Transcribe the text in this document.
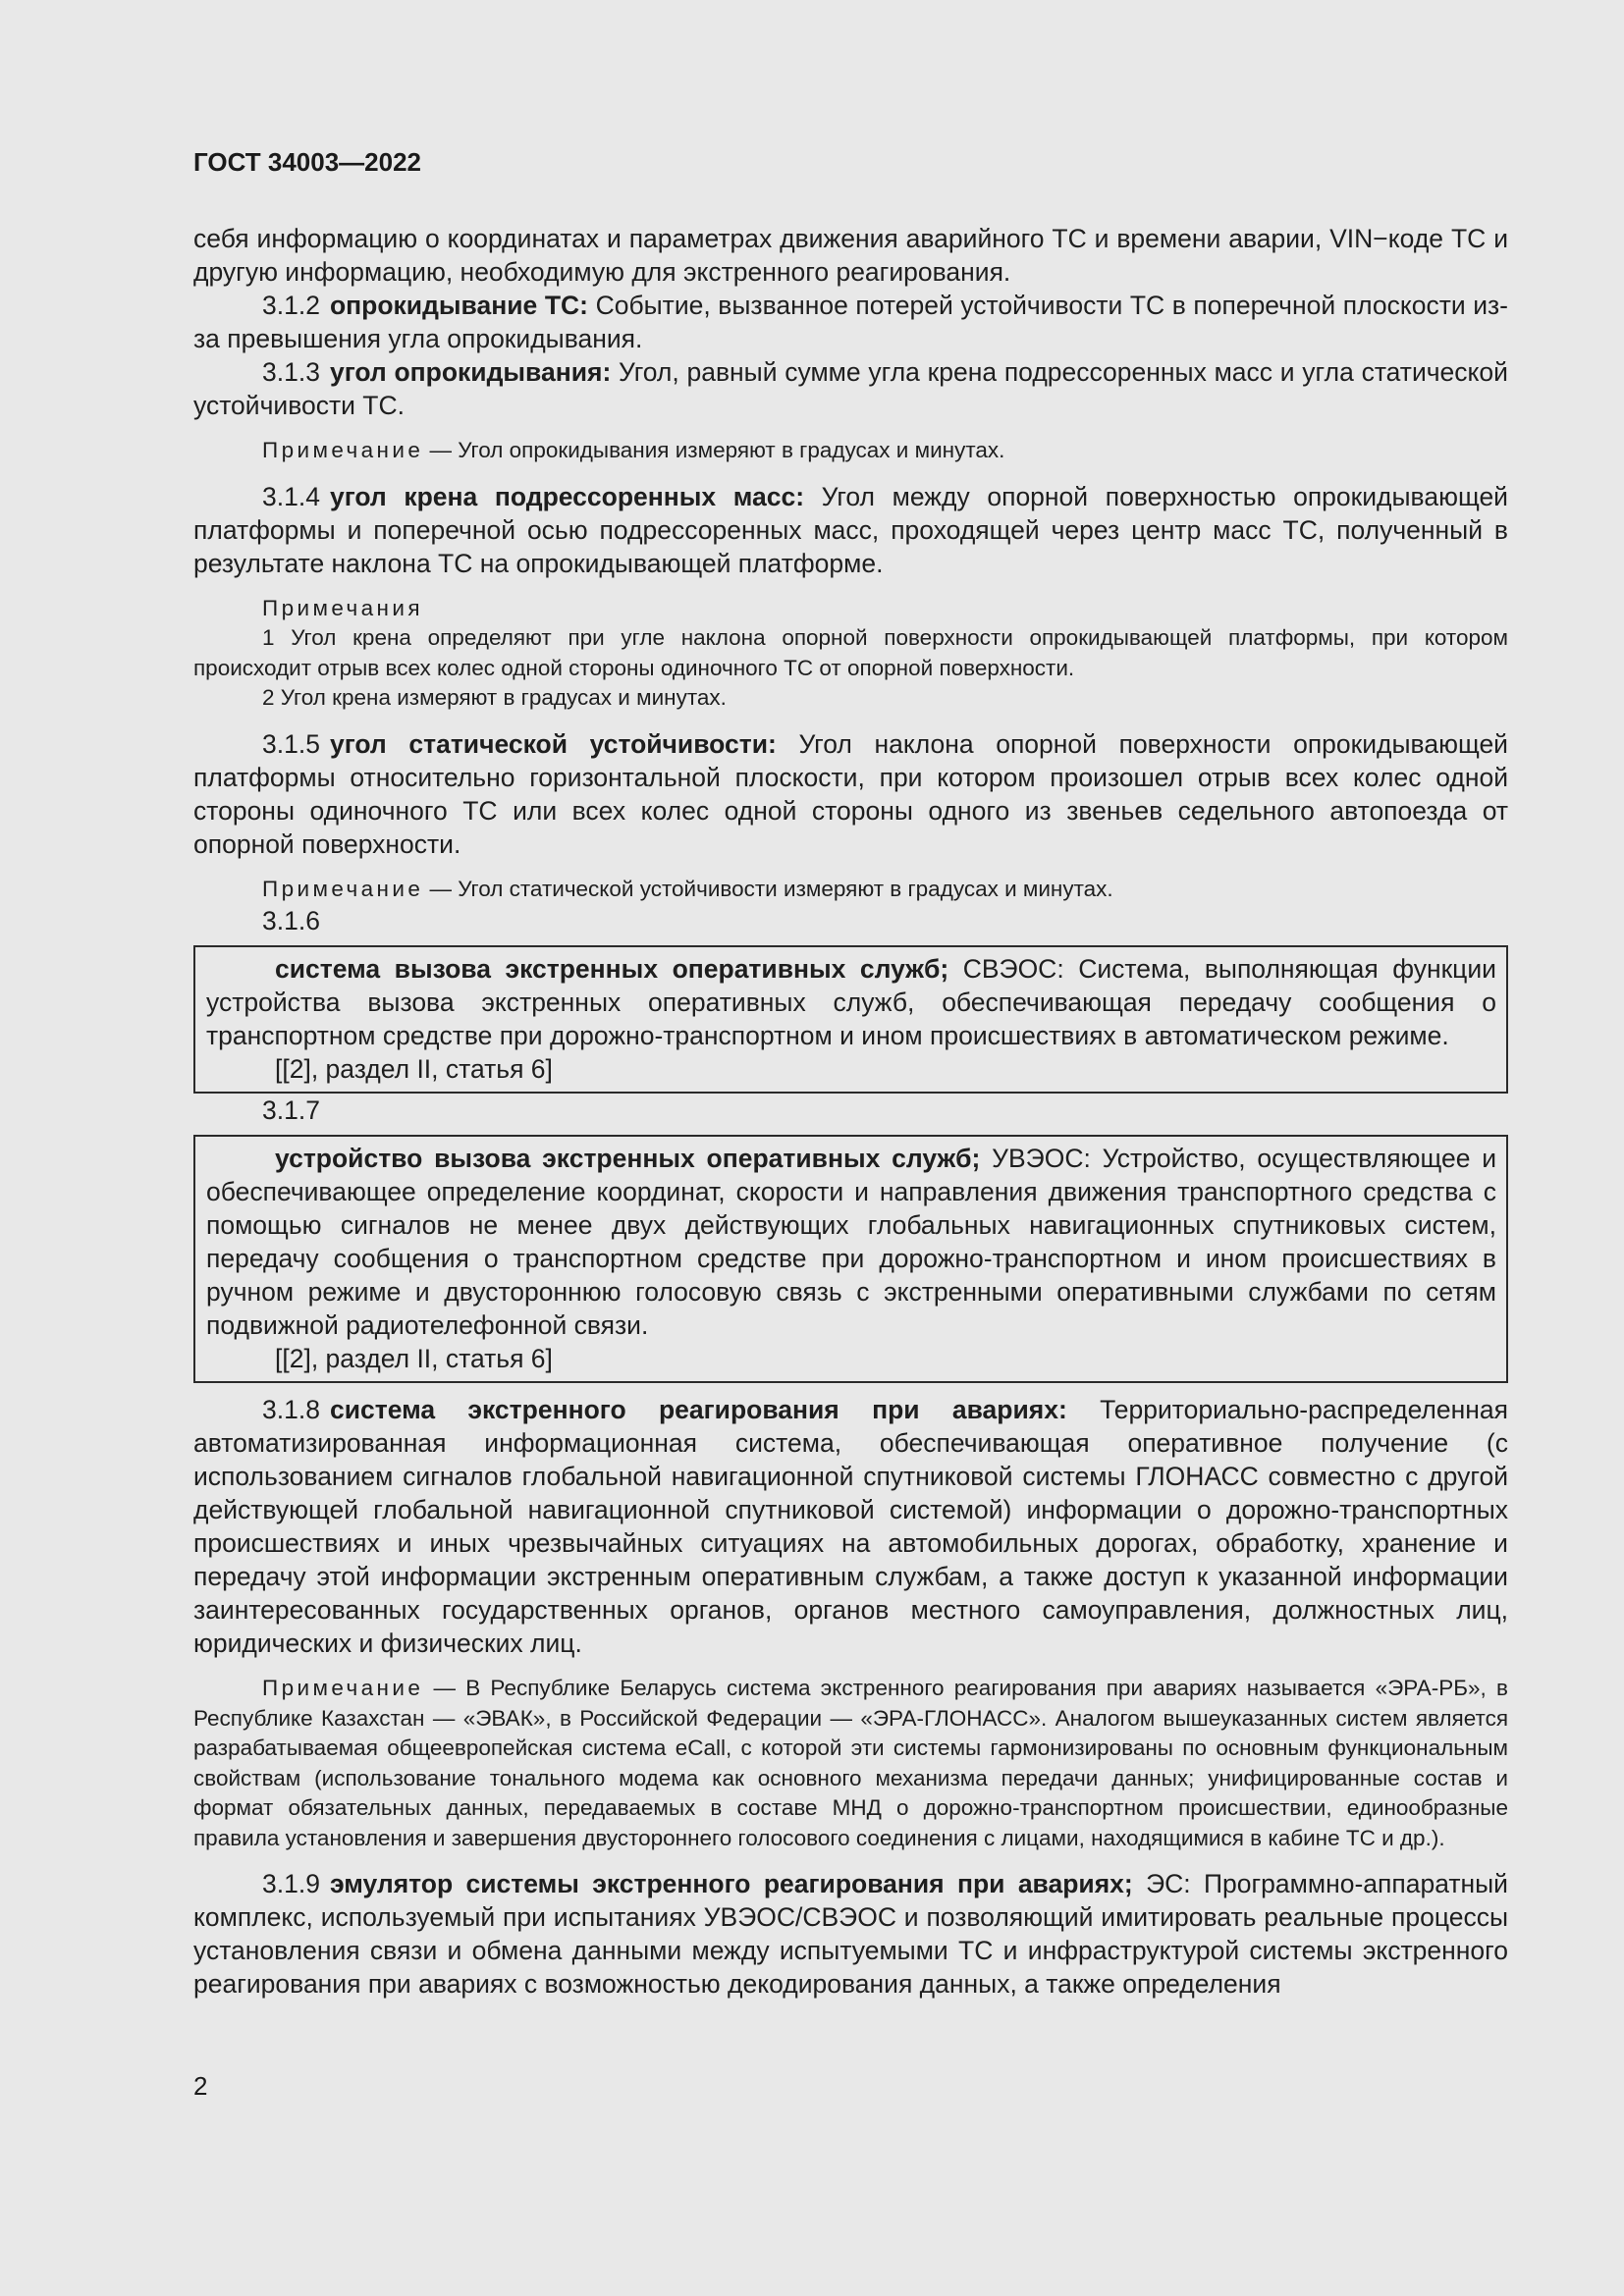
ГОСТ 34003—2022

себя информацию о координатах и параметрах движения аварийного ТС и времени аварии, VIN−коде ТС и другую информацию, необходимую для экстренного реагирования.

3.1.2 опрокидывание ТС: Событие, вызванное потерей устойчивости ТС в поперечной плоскости из-за превышения угла опрокидывания.

3.1.3 угол опрокидывания: Угол, равный сумме угла крена подрессоренных масс и угла статической устойчивости ТС.

Примечание — Угол опрокидывания измеряют в градусах и минутах.

3.1.4 угол крена подрессоренных масс: Угол между опорной поверхностью опрокидывающей платформы и поперечной осью подрессоренных масс, проходящей через центр масс ТС, полученный в результате наклона ТС на опрокидывающей платформе.

Примечания

1 Угол крена определяют при угле наклона опорной поверхности опрокидывающей платформы, при котором происходит отрыв всех колес одной стороны одиночного ТС от опорной поверхности.

2 Угол крена измеряют в градусах и минутах.

3.1.5 угол статической устойчивости: Угол наклона опорной поверхности опрокидывающей платформы относительно горизонтальной плоскости, при котором произошел отрыв всех колес одной стороны одиночного ТС или всех колес одной стороны одного из звеньев седельного автопоезда от опорной поверхности.

Примечание — Угол статической устойчивости измеряют в градусах и минутах.

3.1.6

система вызова экстренных оперативных служб; СВЭОС: Система, выполняющая функции устройства вызова экстренных оперативных служб, обеспечивающая передачу сообщения о транспортном средстве при дорожно-транспортном и ином происшествиях в автоматическом режиме.

[[2], раздел II, статья 6]

3.1.7

устройство вызова экстренных оперативных служб; УВЭОС: Устройство, осуществляющее и обеспечивающее определение координат, скорости и направления движения транспортного средства с помощью сигналов не менее двух действующих глобальных навигационных спутниковых систем, передачу сообщения о транспортном средстве при дорожно-транспортном и ином происшествиях в ручном режиме и двустороннюю голосовую связь с экстренными оперативными службами по сетям подвижной радиотелефонной связи.

[[2], раздел II, статья 6]

3.1.8 система экстренного реагирования при авариях: Территориально-распределенная автоматизированная информационная система, обеспечивающая оперативное получение (с использованием сигналов глобальной навигационной спутниковой системы ГЛОНАСС совместно с другой действующей глобальной навигационной спутниковой системой) информации о дорожно-транспортных происшествиях и иных чрезвычайных ситуациях на автомобильных дорогах, обработку, хранение и передачу этой информации экстренным оперативным службам, а также доступ к указанной информации заинтересованных государственных органов, органов местного самоуправления, должностных лиц, юридических и физических лиц.

Примечание — В Республике Беларусь система экстренного реагирования при авариях называется «ЭРА-РБ», в Республике Казахстан — «ЭВАК», в Российской Федерации — «ЭРА-ГЛОНАСС». Аналогом вышеуказанных систем является разрабатываемая общеевропейская система eCall, с которой эти системы гармонизированы по основным функциональным свойствам (использование тонального модема как основного механизма передачи данных; унифицированные состав и формат обязательных данных, передаваемых в составе МНД о дорожно-транспортном происшествии, единообразные правила установления и завершения двустороннего голосового соединения с лицами, находящимися в кабине ТС и др.).

3.1.9 эмулятор системы экстренного реагирования при авариях; ЭС: Программно-аппаратный комплекс, используемый при испытаниях УВЭОС/СВЭОС и позволяющий имитировать реальные процессы установления связи и обмена данными между испытуемыми ТС и инфраструктурой системы экстренного реагирования при авариях с возможностью декодирования данных, а также определения

2
